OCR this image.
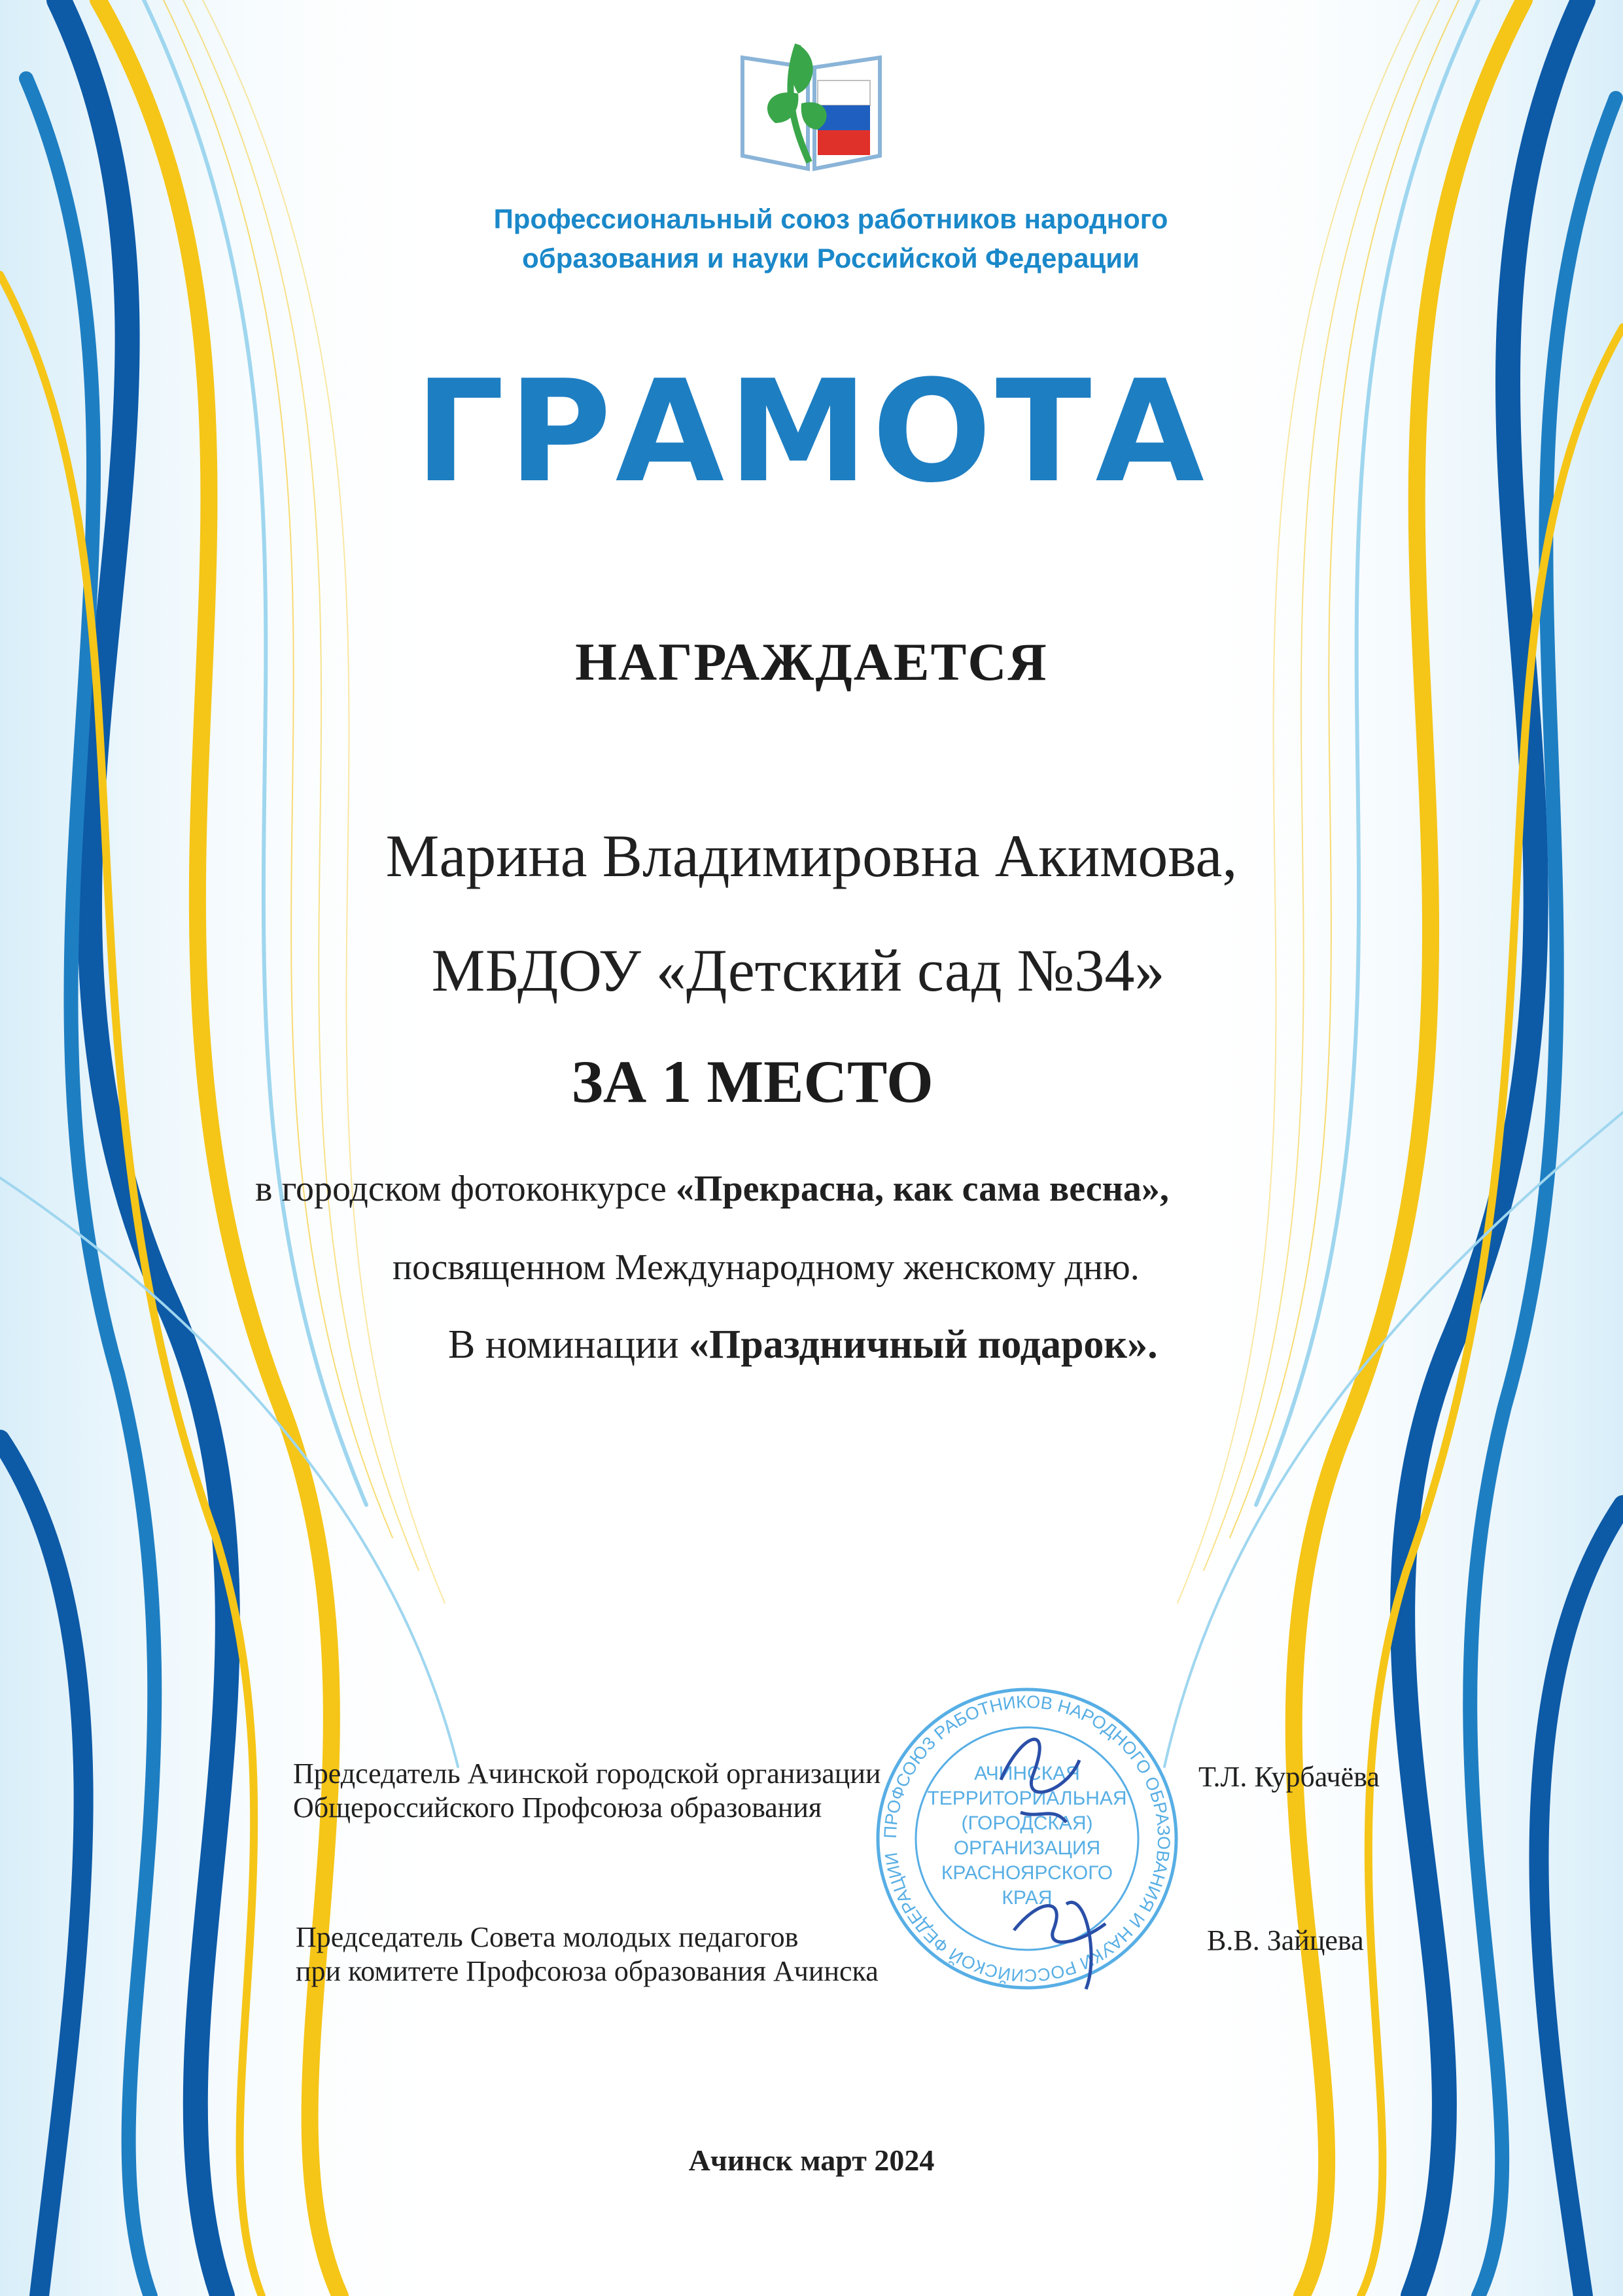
Профессиональный союз работников народного
образования и науки Российской Федерации
ГРАМОТА
НАГРАЖДАЕТСЯ
Марина Владимировна Акимова,
МБДОУ «Детский сад №34»
ЗА 1 МЕСТО
в городском фотоконкурсе «Прекрасна, как сама весна»,
посвященном Международному женскому дню.
В номинации «Праздничный подарок».
ПРОФСОЮЗ РАБОТНИКОВ НАРОДНОГО ОБРАЗОВАНИЯ И НАУКИ РОССИЙСКОЙ ФЕДЕРАЦИИ
АЧИНСКАЯ
ТЕРРИТОРИАЛЬНАЯ
(ГОРОДСКАЯ)
ОРГАНИЗАЦИЯ
КРАСНОЯРСКОГО
КРАЯ
Председатель Ачинской городской организации
Общероссийского Профсоюза образования
Т.Л. Курбачёва
Председатель Совета молодых педагогов
при комитете Профсоюза образования Ачинска
В.В. Зайцева
Ачинск март 2024
